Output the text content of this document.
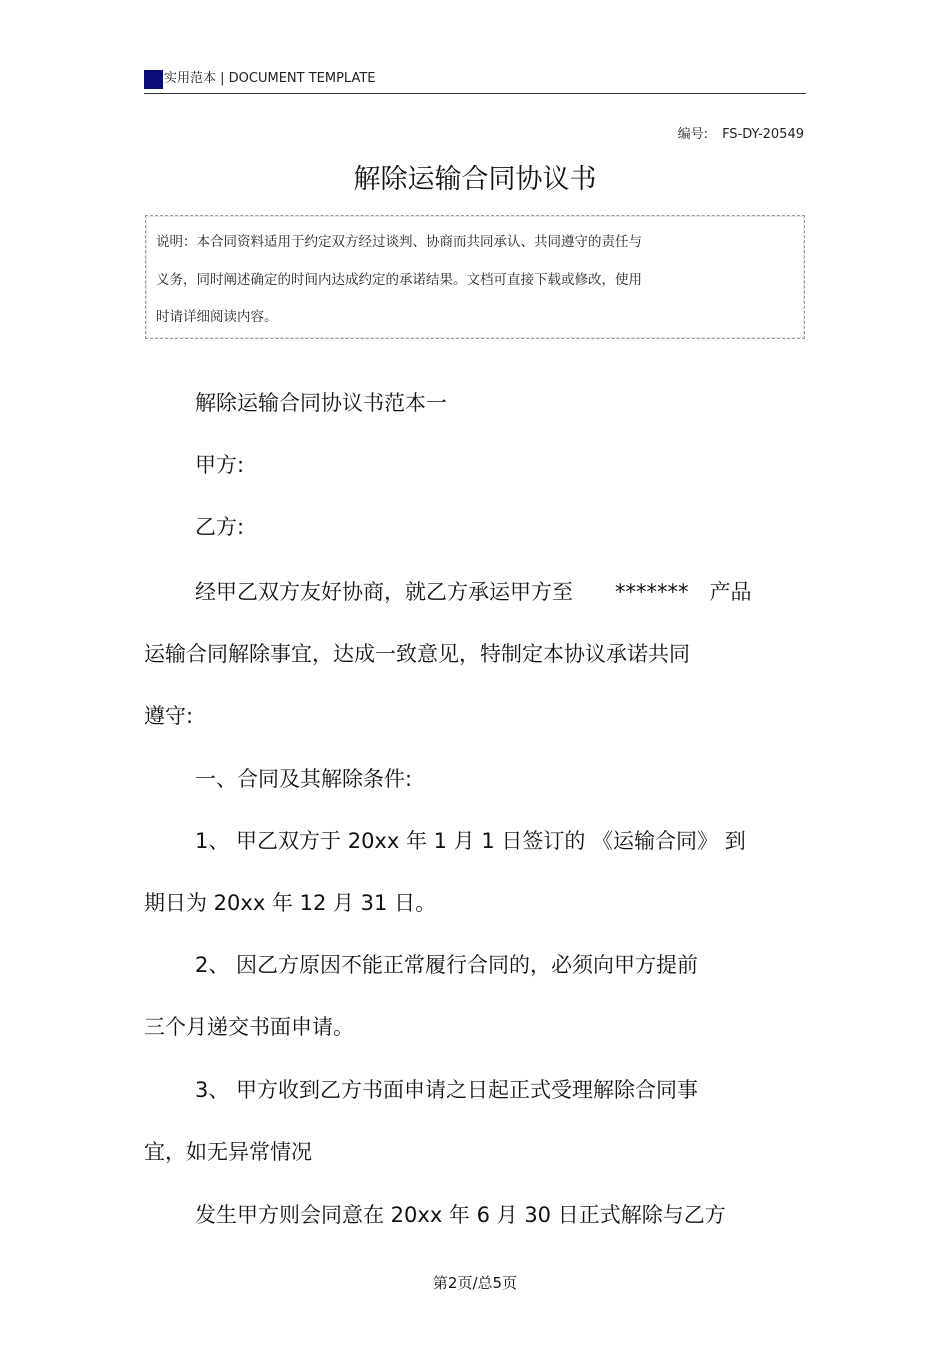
实用范本 | DOCUMENT TEMPLATE
编号: FS-DY-20549
解除运输合同协议书
说明：本合同资料适用于约定双方经过谈判、协商而共同承认、共同遵守的责任与
义务，同时阐述确定的时间内达成约定的承诺结果。文档可直接下载或修改，使用
时请详细阅读内容。
解除运输合同协议书范本一
甲方:
乙方:
经甲乙双方友好协商，就乙方承运甲方至　　*******　产品
运输合同解除事宜，达成一致意见，特制定本协议承诺共同
遵守:
一、合同及其解除条件:
1、 甲乙双方于 20xx 年 1 月 1 日签订的 《运输合同》 到
期日为 20xx 年 12 月 31 日。
2、 因乙方原因不能正常履行合同的，必须向甲方提前
三个月递交书面申请。
3、 甲方收到乙方书面申请之日起正式受理解除合同事
宜，如无异常情况
发生甲方则会同意在 20xx 年 6 月 30 日正式解除与乙方
第2页/总5页
